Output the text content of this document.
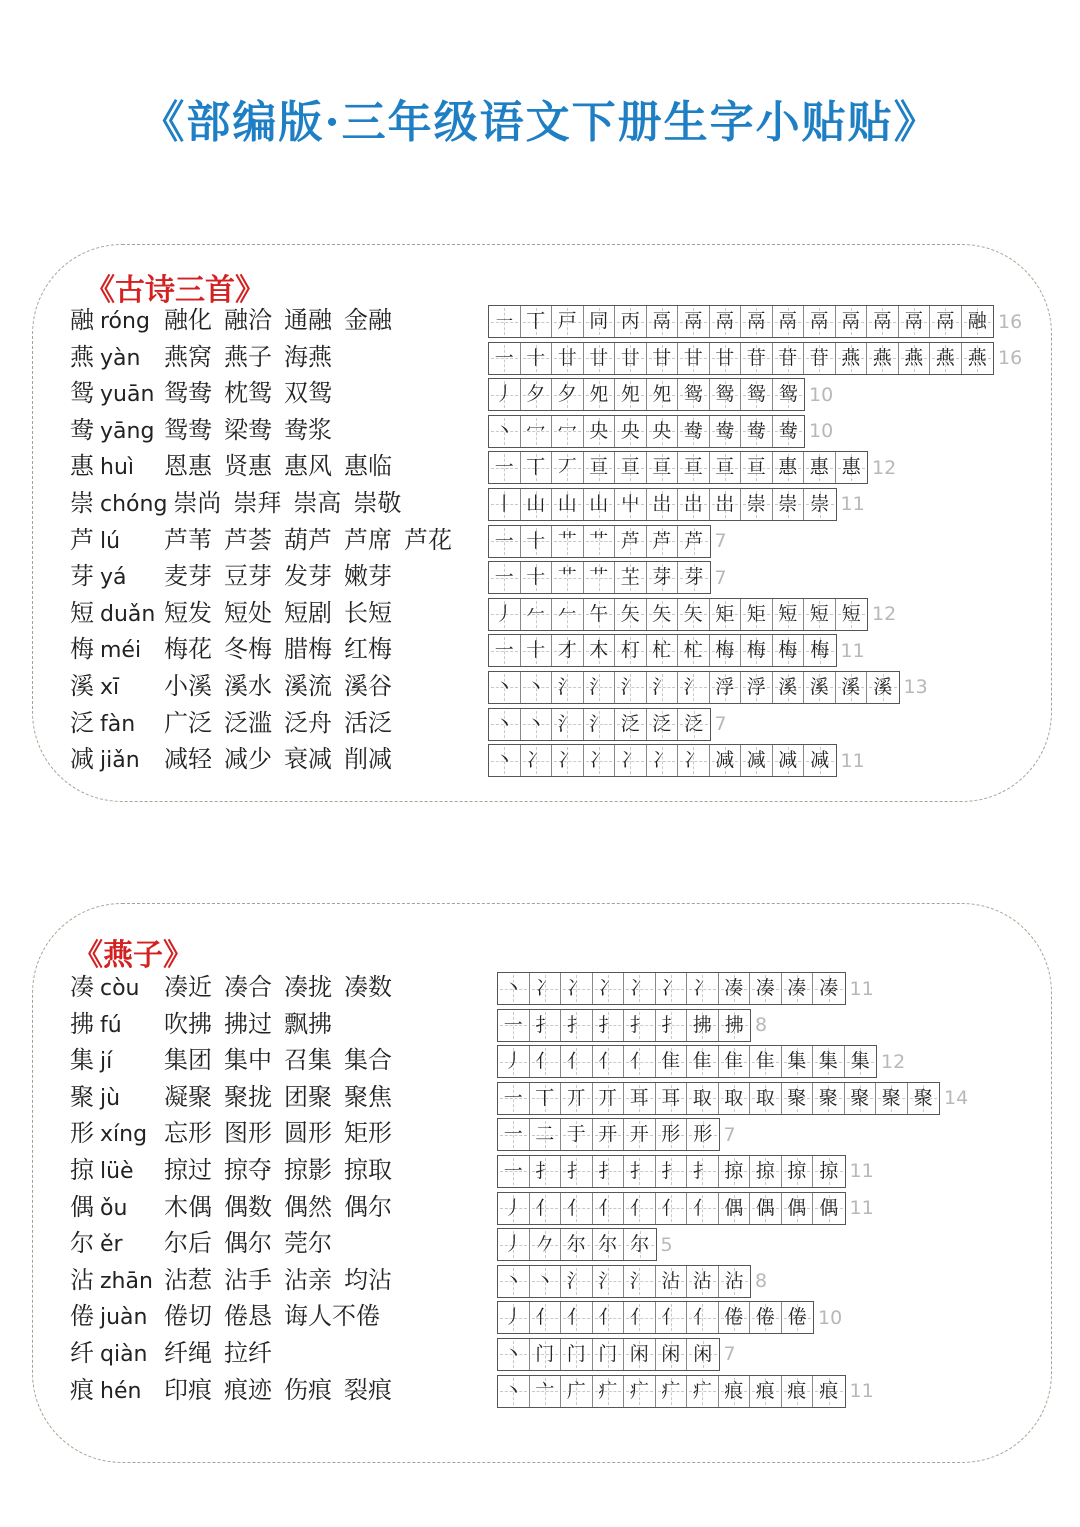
《部编版·三年级语文下册生字小贴贴》
《古诗三首》
融 róng 融化 融洽 通融 金融	㇐ 丅 戸 同 丙 鬲 鬲 鬲 鬲 鬲 鬲 鬲 鬲 鬲 鬲 融 16
燕 yàn 燕窝 燕子 海燕	一 十 廿 廿 廿 甘 甘 甘 苷 苷 苷 燕 燕 燕 燕 燕 16
鸳 yuān 鸳鸯 枕鸳 双鸳	丿 夕 夕 夗 夗 夗 鸳 鸳 鸳 鸳 10
鸯 yāng 鸳鸯 梁鸯 鸯浆	丶 冖 冖 央 央 央 鸯 鸯 鸯 鸯 10
惠 huì 恩惠 贤惠 惠风 惠临	一 丅 丆 亘 亘 亘 亘 亘 亘 惠 惠 惠 12
崇 chóng 崇尚 崇拜 崇高 崇敬	丨 山 山 山 屮 岀 岀 岀 崇 崇 崇 11
芦 lú 芦苇 芦荟 葫芦 芦席 芦花	一 十 艹 艹 芦 芦 芦 7
芽 yá 麦芽 豆芽 发芽 嫩芽	一 十 艹 艹 芏 芽 芽 7
短 duǎn 短发 短处 短剧 长短	丿 𠂉 𠂉 午 矢 矢 矢 矩 矩 短 短 短 12
梅 méi 梅花 冬梅 腊梅 红梅	一 十 才 木 朾 杧 杧 梅 梅 梅 梅 11
溪 xī 小溪 溪水 溪流 溪谷	丶 丶 氵 氵 氵 氵 氵 浮 浮 溪 溪 溪 溪 13
泛 fàn 广泛 泛滥 泛舟 活泛	丶 丶 氵 氵 泛 泛 泛 7
减 jiǎn 减轻 减少 衰减 削减	丶 冫 冫 冫 冫 冫 冫 减 减 减 减 11
《燕子》
凑 còu 凑近 凑合 凑拢 凑数	丶 冫 冫 冫 冫 冫 冫 凑 凑 凑 凑 11
拂 fú 吹拂 拂过 飘拂	一 扌 扌 扌 扌 扌 拂 拂 8
集 jí 集团 集中 召集 集合	丿 亻 亻 亻 亻 隹 隹 隹 隹 集 集 集 12
聚 jù 凝聚 聚拢 团聚 聚焦	一 丅 丌 丌 耳 耳 取 取 取 聚 聚 聚 聚 聚 14
形 xíng 忘形 图形 圆形 矩形	一 二 于 开 开 形 形 7
掠 lüè 掠过 掠夺 掠影 掠取	一 扌 扌 扌 扌 扌 扌 掠 掠 掠 掠 11
偶 ǒu 木偶 偶数 偶然 偶尔	丿 亻 亻 亻 亻 亻 亻 偶 偶 偶 偶 11
尔 ěr 尔后 偶尔 莞尔	丿 𠂊 尔 尔 尔 5
沾 zhān 沾惹 沾手 沾亲 均沾	丶 丶 氵 氵 氵 沾 沾 沾 8
倦 juàn 倦切 倦恳 诲人不倦	丿 亻 亻 亻 亻 亻 亻 倦 倦 倦 10
纤 qiàn 纤绳 拉纤	丶 门 门 门 闲 闲 闲 7
痕 hén 印痕 痕迹 伤痕 裂痕	丶 亠 广 疒 疒 疒 疒 痕 痕 痕 痕 11
